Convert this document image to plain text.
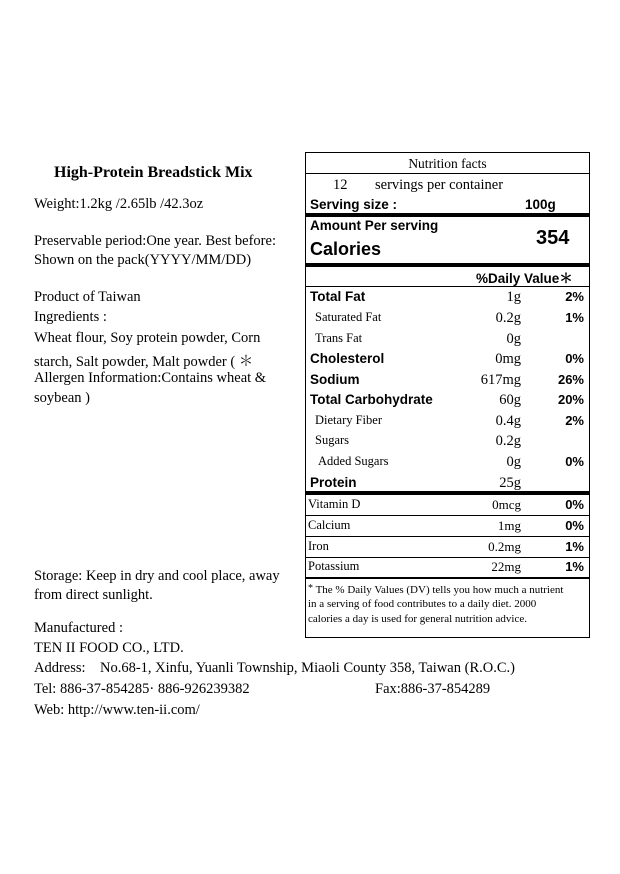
High-Protein Breadstick Mix
Weight:1.2kg /2.65lb /42.3oz
Preservable period:One year. Best before:
Shown on the pack(YYYY/MM/DD)
Product of Taiwan
Ingredients :
Wheat flour, Soy protein powder, Corn
starch, Salt powder, Malt powder ( ＊
Allergen Information:Contains wheat &
soybean )
Storage: Keep in dry and cool place, away
from direct sunlight.
Manufactured :
TEN II FOOD CO., LTD.
Address: No.68-1, Xinfu, Yuanli Township, Miaoli County 358, Taiwan (R.O.C.)
Tel: 886-37-854285· 886-926239382	Fax:886-37-854289
Web: http://www.ten-ii.com/
Nutrition facts
12 servings per container
Serving size :	100g
Amount Per serving
Calories	354
%Daily Value＊
Total Fat	1g	2%
Saturated Fat	0.2g	1%
Trans Fat	0g
Cholesterol	0mg	0%
Sodium	617mg	26%
Total Carbohydrate	60g	20%
Dietary Fiber	0.4g	2%
Sugars	0.2g
Added Sugars	0g	0%
Protein	25g
Vitamin D	0mcg	0%
Calcium	1mg	0%
Iron	0.2mg	1%
Potassium	22mg	1%
* The % Daily Values (DV) tells you how much a nutrient
in a serving of food contributes to a daily diet. 2000
calories a day is used for general nutrition advice.
